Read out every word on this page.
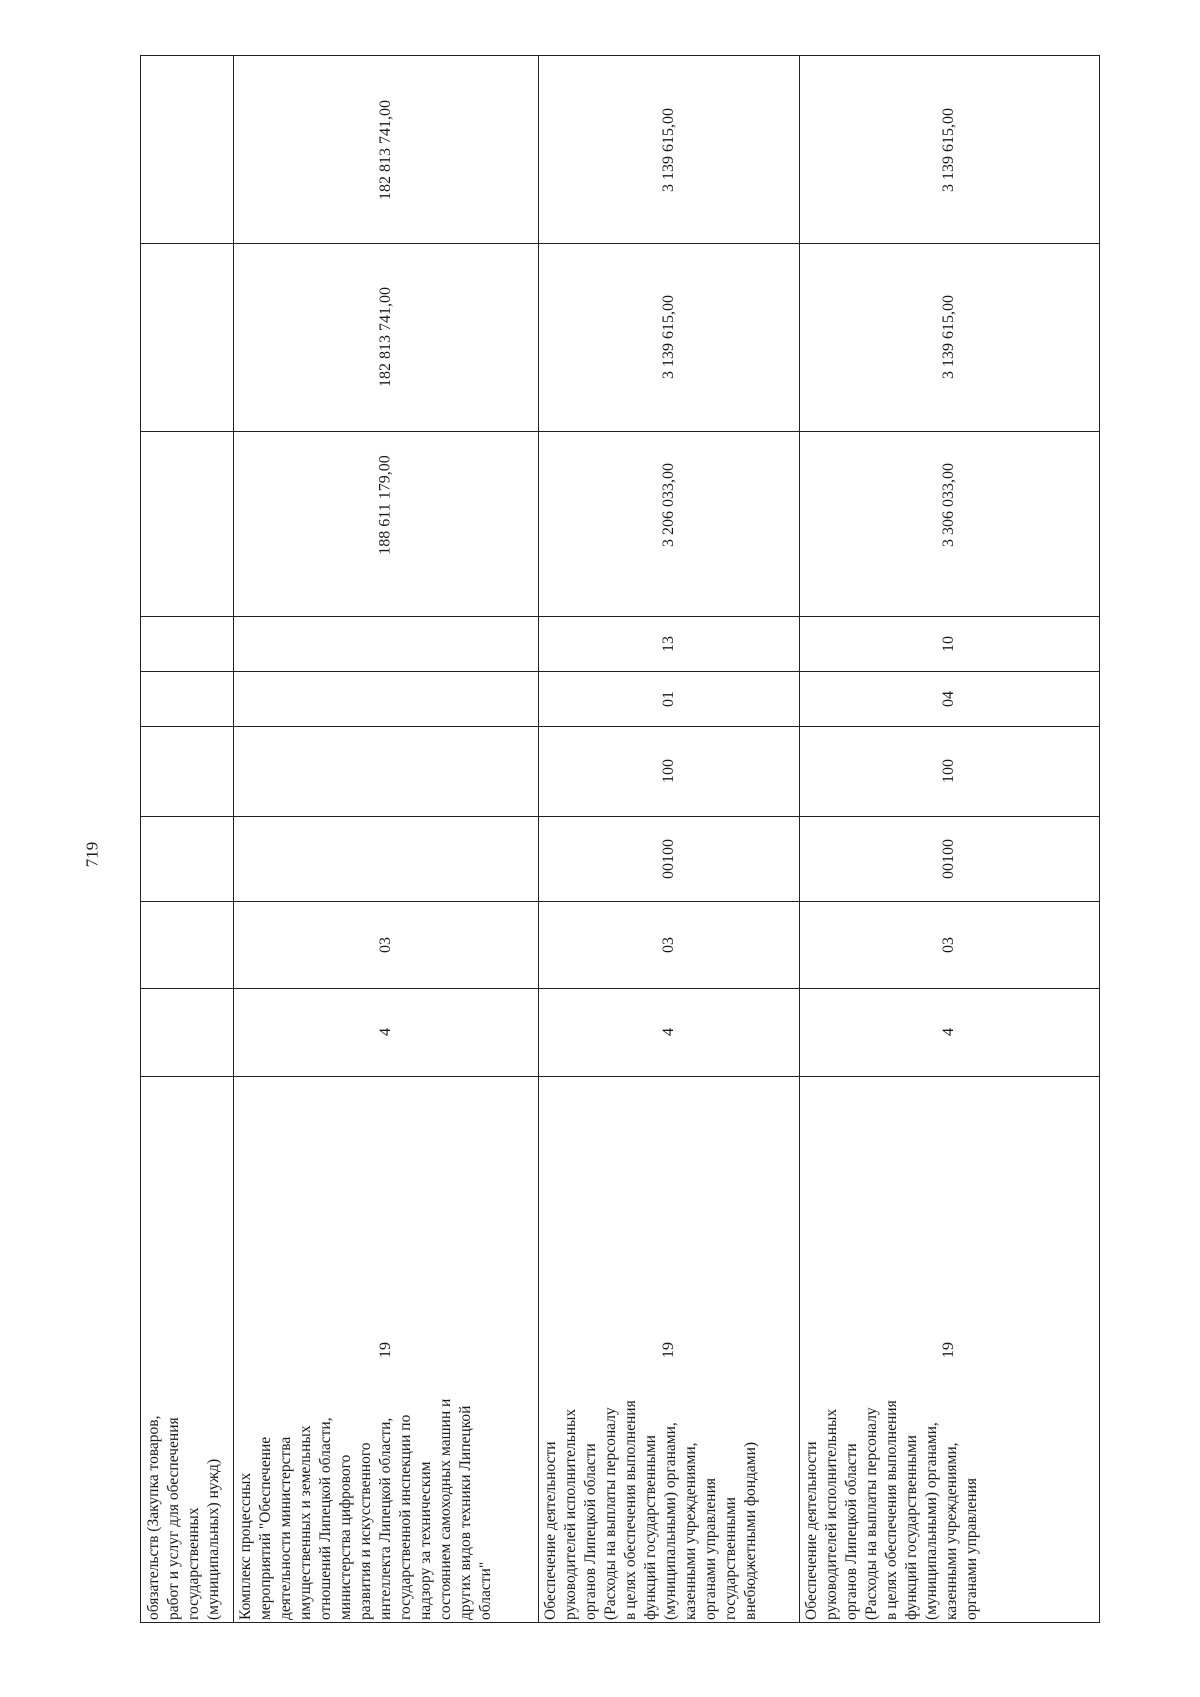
719
обязательств (Закупка товаров, работ и услуг для обеспечения государственных (муниципальных) нужд) Комплекс процессных мероприятий "Обеспечение деятельности министерства имущественных и земельных отношений Липецкой области, министерства цифрового развития и искусственного интеллекта Липецкой области, государственной инспекции по надзору за техническим состоянием самоходных машин и других видов техники Липецкой области"
19
4
03
188 611 179,00
182 813 741,00
182 813 741,00
Обеспечение деятельности руководителей исполнительных органов Липецкой области (Расходы на выплаты персоналу в целях обеспечения выполнения функций государственными (муниципальными) органами, казенными учреждениями, органами управления государственными внебюджетными фондами)
19
4
03
00100
100
01
13
3 206 033,00
3 139 615,00
3 139 615,00
Обеспечение деятельности руководителей исполнительных органов Липецкой области (Расходы на выплаты персоналу в целях обеспечения выполнения функций государственными (муниципальными) органами, казенными учреждениями, органами управления
19
4
03
00100
100
04
10
3 306 033,00
3 139 615,00
3 139 615,00
